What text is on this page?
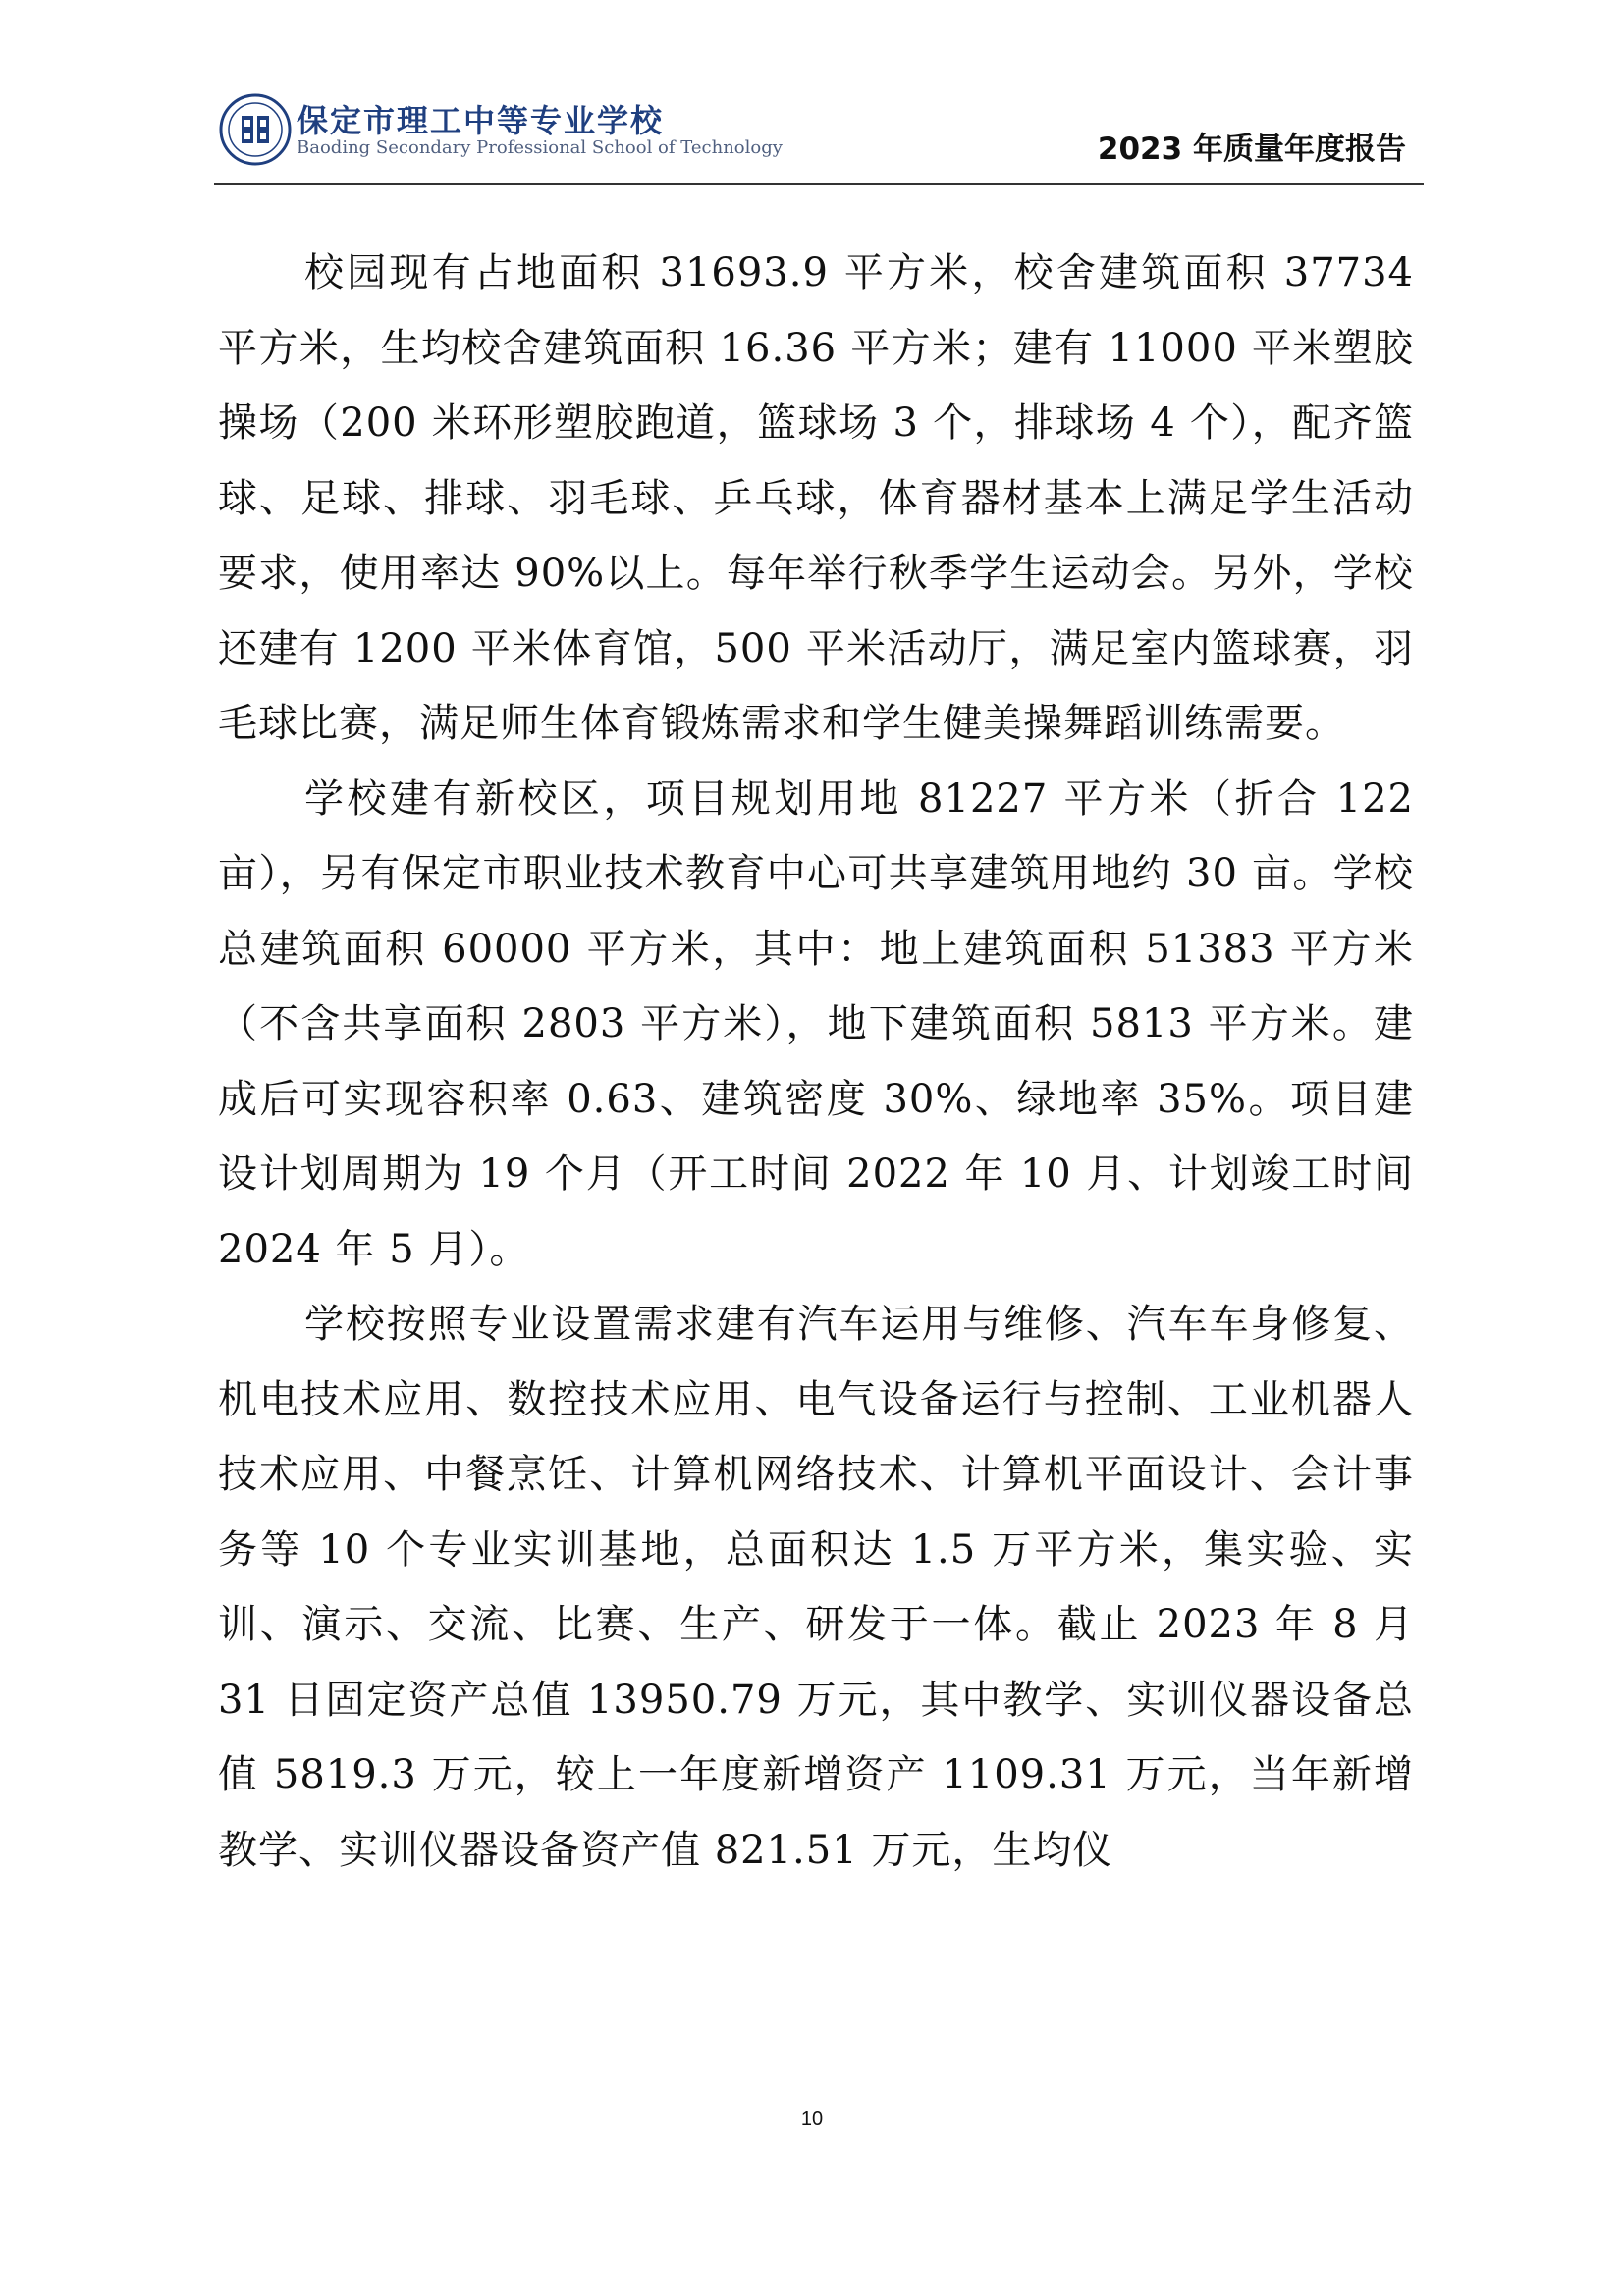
保定市理工中等专业学校
Baoding Secondary Professional School of Technology	2023 年质量年度报告

校园现有占地面积 31693.9 平方米，校舍建筑面积 37734 平方米，生均校舍建筑面积 16.36 平方米；建有 11000 平米塑胶操场（200 米环形塑胶跑道，篮球场 3 个，排球场 4 个），配齐篮球、足球、排球、羽毛球、乒乓球，体育器材基本上满足学生活动要求，使用率达 90%以上。每年举行秋季学生运动会。另外，学校还建有 1200 平米体育馆，500 平米活动厅，满足室内篮球赛，羽毛球比赛，满足师生体育锻炼需求和学生健美操舞蹈训练需要。

学校建有新校区，项目规划用地 81227 平方米（折合 122 亩），另有保定市职业技术教育中心可共享建筑用地约 30 亩。学校总建筑面积 60000 平方米，其中：地上建筑面积 51383 平方米（不含共享面积 2803 平方米），地下建筑面积 5813 平方米。建成后可实现容积率 0.63、建筑密度 30%、绿地率 35%。项目建设计划周期为 19 个月（开工时间 2022 年 10 月、计划竣工时间 2024 年 5 月）。

学校按照专业设置需求建有汽车运用与维修、汽车车身修复、机电技术应用、数控技术应用、电气设备运行与控制、工业机器人技术应用、中餐烹饪、计算机网络技术、计算机平面设计、会计事务等 10 个专业实训基地，总面积达 1.5 万平方米，集实验、实训、演示、交流、比赛、生产、研发于一体。截止 2023 年 8 月 31 日固定资产总值 13950.79 万元，其中教学、实训仪器设备总值 5819.3 万元，较上一年度新增资产 1109.31 万元，当年新增教学、实训仪器设备资产值 821.51 万元，生均仪

10
